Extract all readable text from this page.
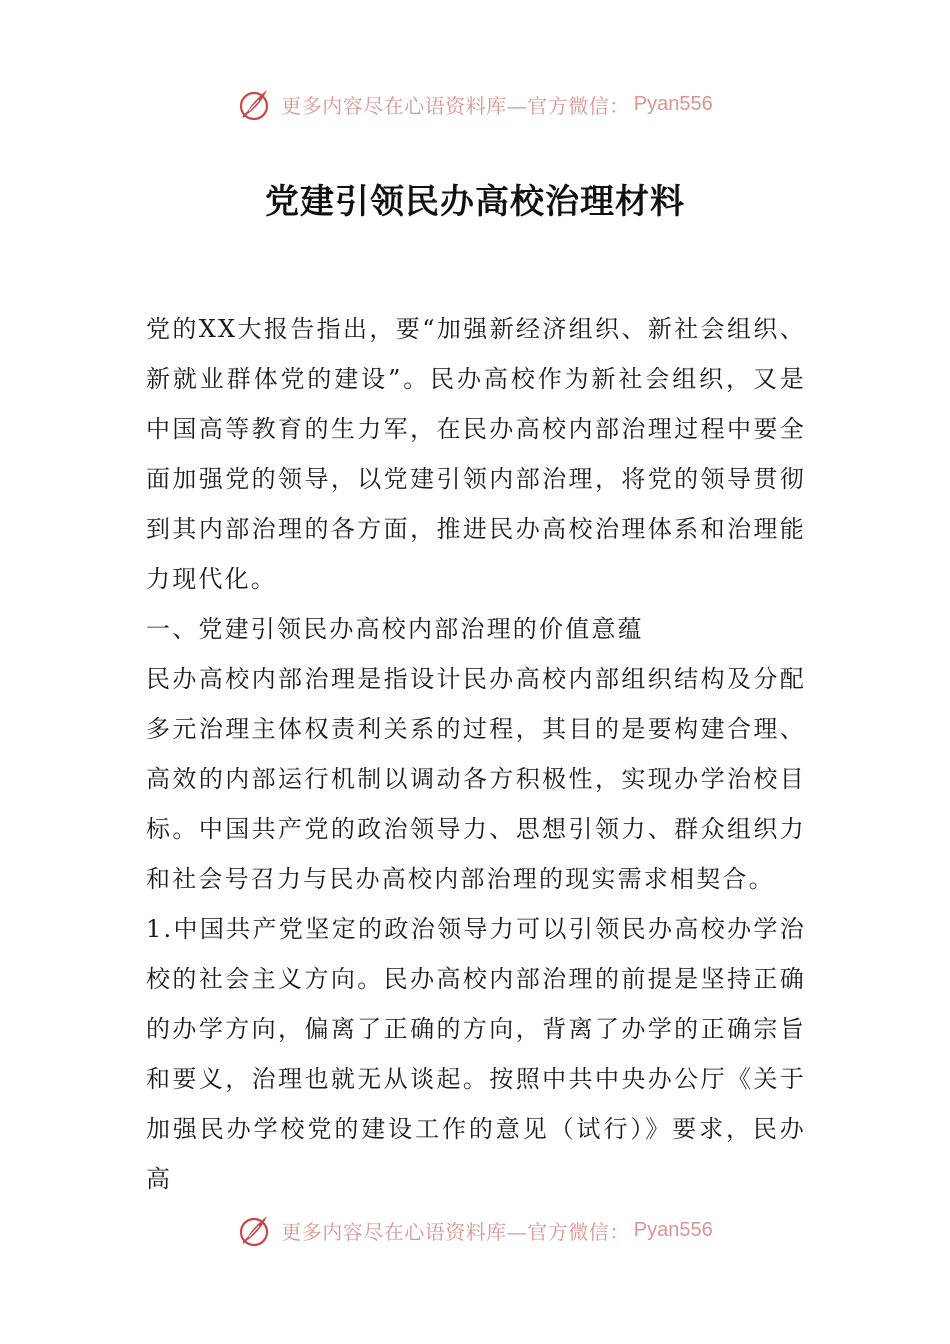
更多内容尽在心语资料库—官方微信： Pyan556
党建引领民办高校治理材料

党的XX大报告指出，要“加强新经济组织、新社会组织、新就业群体党的建设”。民办高校作为新社会组织，又是中国高等教育的生力军，在民办高校内部治理过程中要全面加强党的领导，以党建引领内部治理，将党的领导贯彻到其内部治理的各方面，推进民办高校治理体系和治理能力现代化。

一、党建引领民办高校内部治理的价值意蕴

民办高校内部治理是指设计民办高校内部组织结构及分配多元治理主体权责利关系的过程，其目的是要构建合理、高效的内部运行机制以调动各方积极性，实现办学治校目标。中国共产党的政治领导力、思想引领力、群众组织力和社会号召力与民办高校内部治理的现实需求相契合。

1.中国共产党坚定的政治领导力可以引领民办高校办学治校的社会主义方向。民办高校内部治理的前提是坚持正确的办学方向，偏离了正确的方向，背离了办学的正确宗旨和要义，治理也就无从谈起。按照中共中央办公厅《关于加强民办学校党的建设工作的意见（试行）》要求，民办高

更多内容尽在心语资料库—官方微信： Pyan556
